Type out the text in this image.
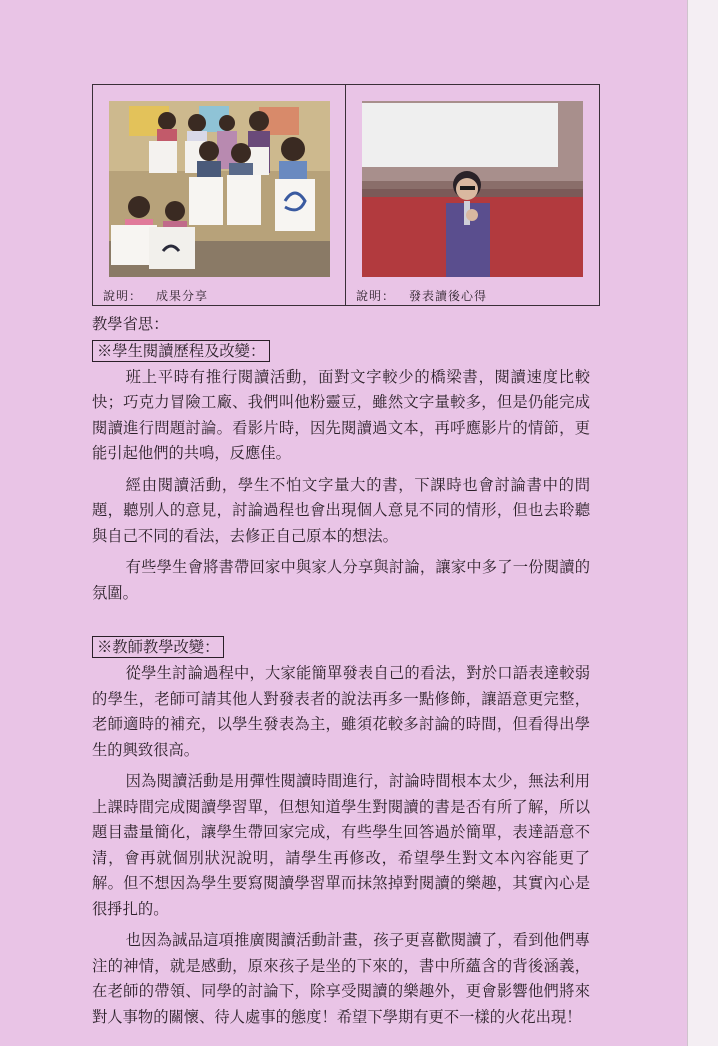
說明： 成果分享	說明： 發表讀後心得
教學省思：
※學生閱讀歷程及改變：

班上平時有推行閱讀活動，面對文字較少的橋梁書，閱讀速度比較快；巧克力冒險工廠、我們叫他粉靈豆，雖然文字量較多，但是仍能完成閱讀進行問題討論。看影片時，因先閱讀過文本，再呼應影片的情節，更能引起他們的共鳴，反應佳。

經由閱讀活動，學生不怕文字量大的書，下課時也會討論書中的問題，聽別人的意見，討論過程也會出現個人意見不同的情形，但也去聆聽與自己不同的看法，去修正自己原本的想法。

有些學生會將書帶回家中與家人分享與討論，讓家中多了一份閱讀的氛圍。

※教師教學改變：

從學生討論過程中，大家能簡單發表自己的看法，對於口語表達較弱的學生，老師可請其他人對發表者的說法再多一點修飾，讓語意更完整，老師適時的補充，以學生發表為主，雖須花較多討論的時間，但看得出學生的興致很高。

因為閱讀活動是用彈性閱讀時間進行，討論時間根本太少，無法利用上課時間完成閱讀學習單，但想知道學生對閱讀的書是否有所了解，所以題目盡量簡化，讓學生帶回家完成，有些學生回答過於簡單，表達語意不清，會再就個別狀況說明，請學生再修改，希望學生對文本內容能更了解。但不想因為學生要寫閱讀學習單而抹煞掉對閱讀的樂趣，其實內心是很掙扎的。

也因為誠品這項推廣閱讀活動計畫，孩子更喜歡閱讀了，看到他們專注的神情，就是感動，原來孩子是坐的下來的，書中所蘊含的背後涵義，在老師的帶領、同學的討論下，除享受閱讀的樂趣外，更會影響他們將來對人事物的關懷、待人處事的態度！希望下學期有更不一樣的火花出現！
